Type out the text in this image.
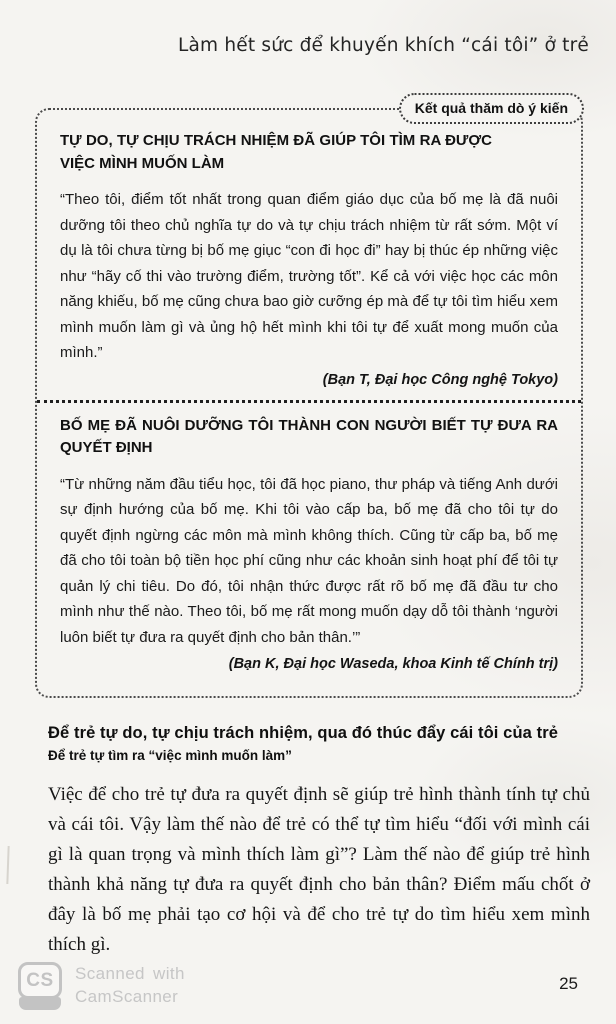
Làm hết sức để khuyến khích “cái tôi” ở trẻ
Kết quả thăm dò ý kiến
TỰ DO, TỰ CHỊU TRÁCH NHIỆM ĐÃ GIÚP TÔI TÌM RA ĐƯỢC VIỆC MÌNH MUỐN LÀM
“Theo tôi, điểm tốt nhất trong quan điểm giáo dục của bố mẹ là đã nuôi dưỡng tôi theo chủ nghĩa tự do và tự chịu trách nhiệm từ rất sớm. Một ví dụ là tôi chưa từng bị bố mẹ giục “con đi học đi” hay bị thúc ép những việc như “hãy cố thi vào trường điểm, trường tốt”. Kể cả với việc học các môn năng khiếu, bố mẹ cũng chưa bao giờ cưỡng ép mà để tự tôi tìm hiểu xem mình muốn làm gì và ủng hộ hết mình khi tôi tự để xuất mong muốn của mình.”
(Bạn T, Đại học Công nghệ Tokyo)
BỐ MẸ ĐÃ NUÔI DƯỠNG TÔI THÀNH CON NGƯỜI BIẾT TỰ ĐƯA RA QUYẾT ĐỊNH
“Từ những năm đầu tiểu học, tôi đã học piano, thư pháp và tiếng Anh dưới sự định hướng của bố mẹ. Khi tôi vào cấp ba, bố mẹ đã cho tôi tự do quyết định ngừng các môn mà mình không thích. Cũng từ cấp ba, bố mẹ đã cho tôi toàn bộ tiền học phí cũng như các khoản sinh hoạt phí để tôi tự quản lý chi tiêu. Do đó, tôi nhận thức được rất rõ bố mẹ đã đầu tư cho mình như thế nào. Theo tôi, bố mẹ rất mong muốn dạy dỗ tôi thành ‘người luôn biết tự đưa ra quyết định cho bản thân.’”
(Bạn K, Đại học Waseda, khoa Kinh tế Chính trị)
Để trẻ tự do, tự chịu trách nhiệm, qua đó thúc đẩy cái tôi của trẻ
Để trẻ tự tìm ra “việc mình muốn làm”
Việc để cho trẻ tự đưa ra quyết định sẽ giúp trẻ hình thành tính tự chủ và cái tôi. Vậy làm thế nào để trẻ có thể tự tìm hiểu “đối với mình cái gì là quan trọng và mình thích làm gì”? Làm thế nào để giúp trẻ hình thành khả năng tự đưa ra quyết định cho bản thân? Điểm mấu chốt ở đây là bố mẹ phải tạo cơ hội và để cho trẻ tự do tìm hiểu xem mình thích gì.
CS	Scanned with
CamScanner
25
